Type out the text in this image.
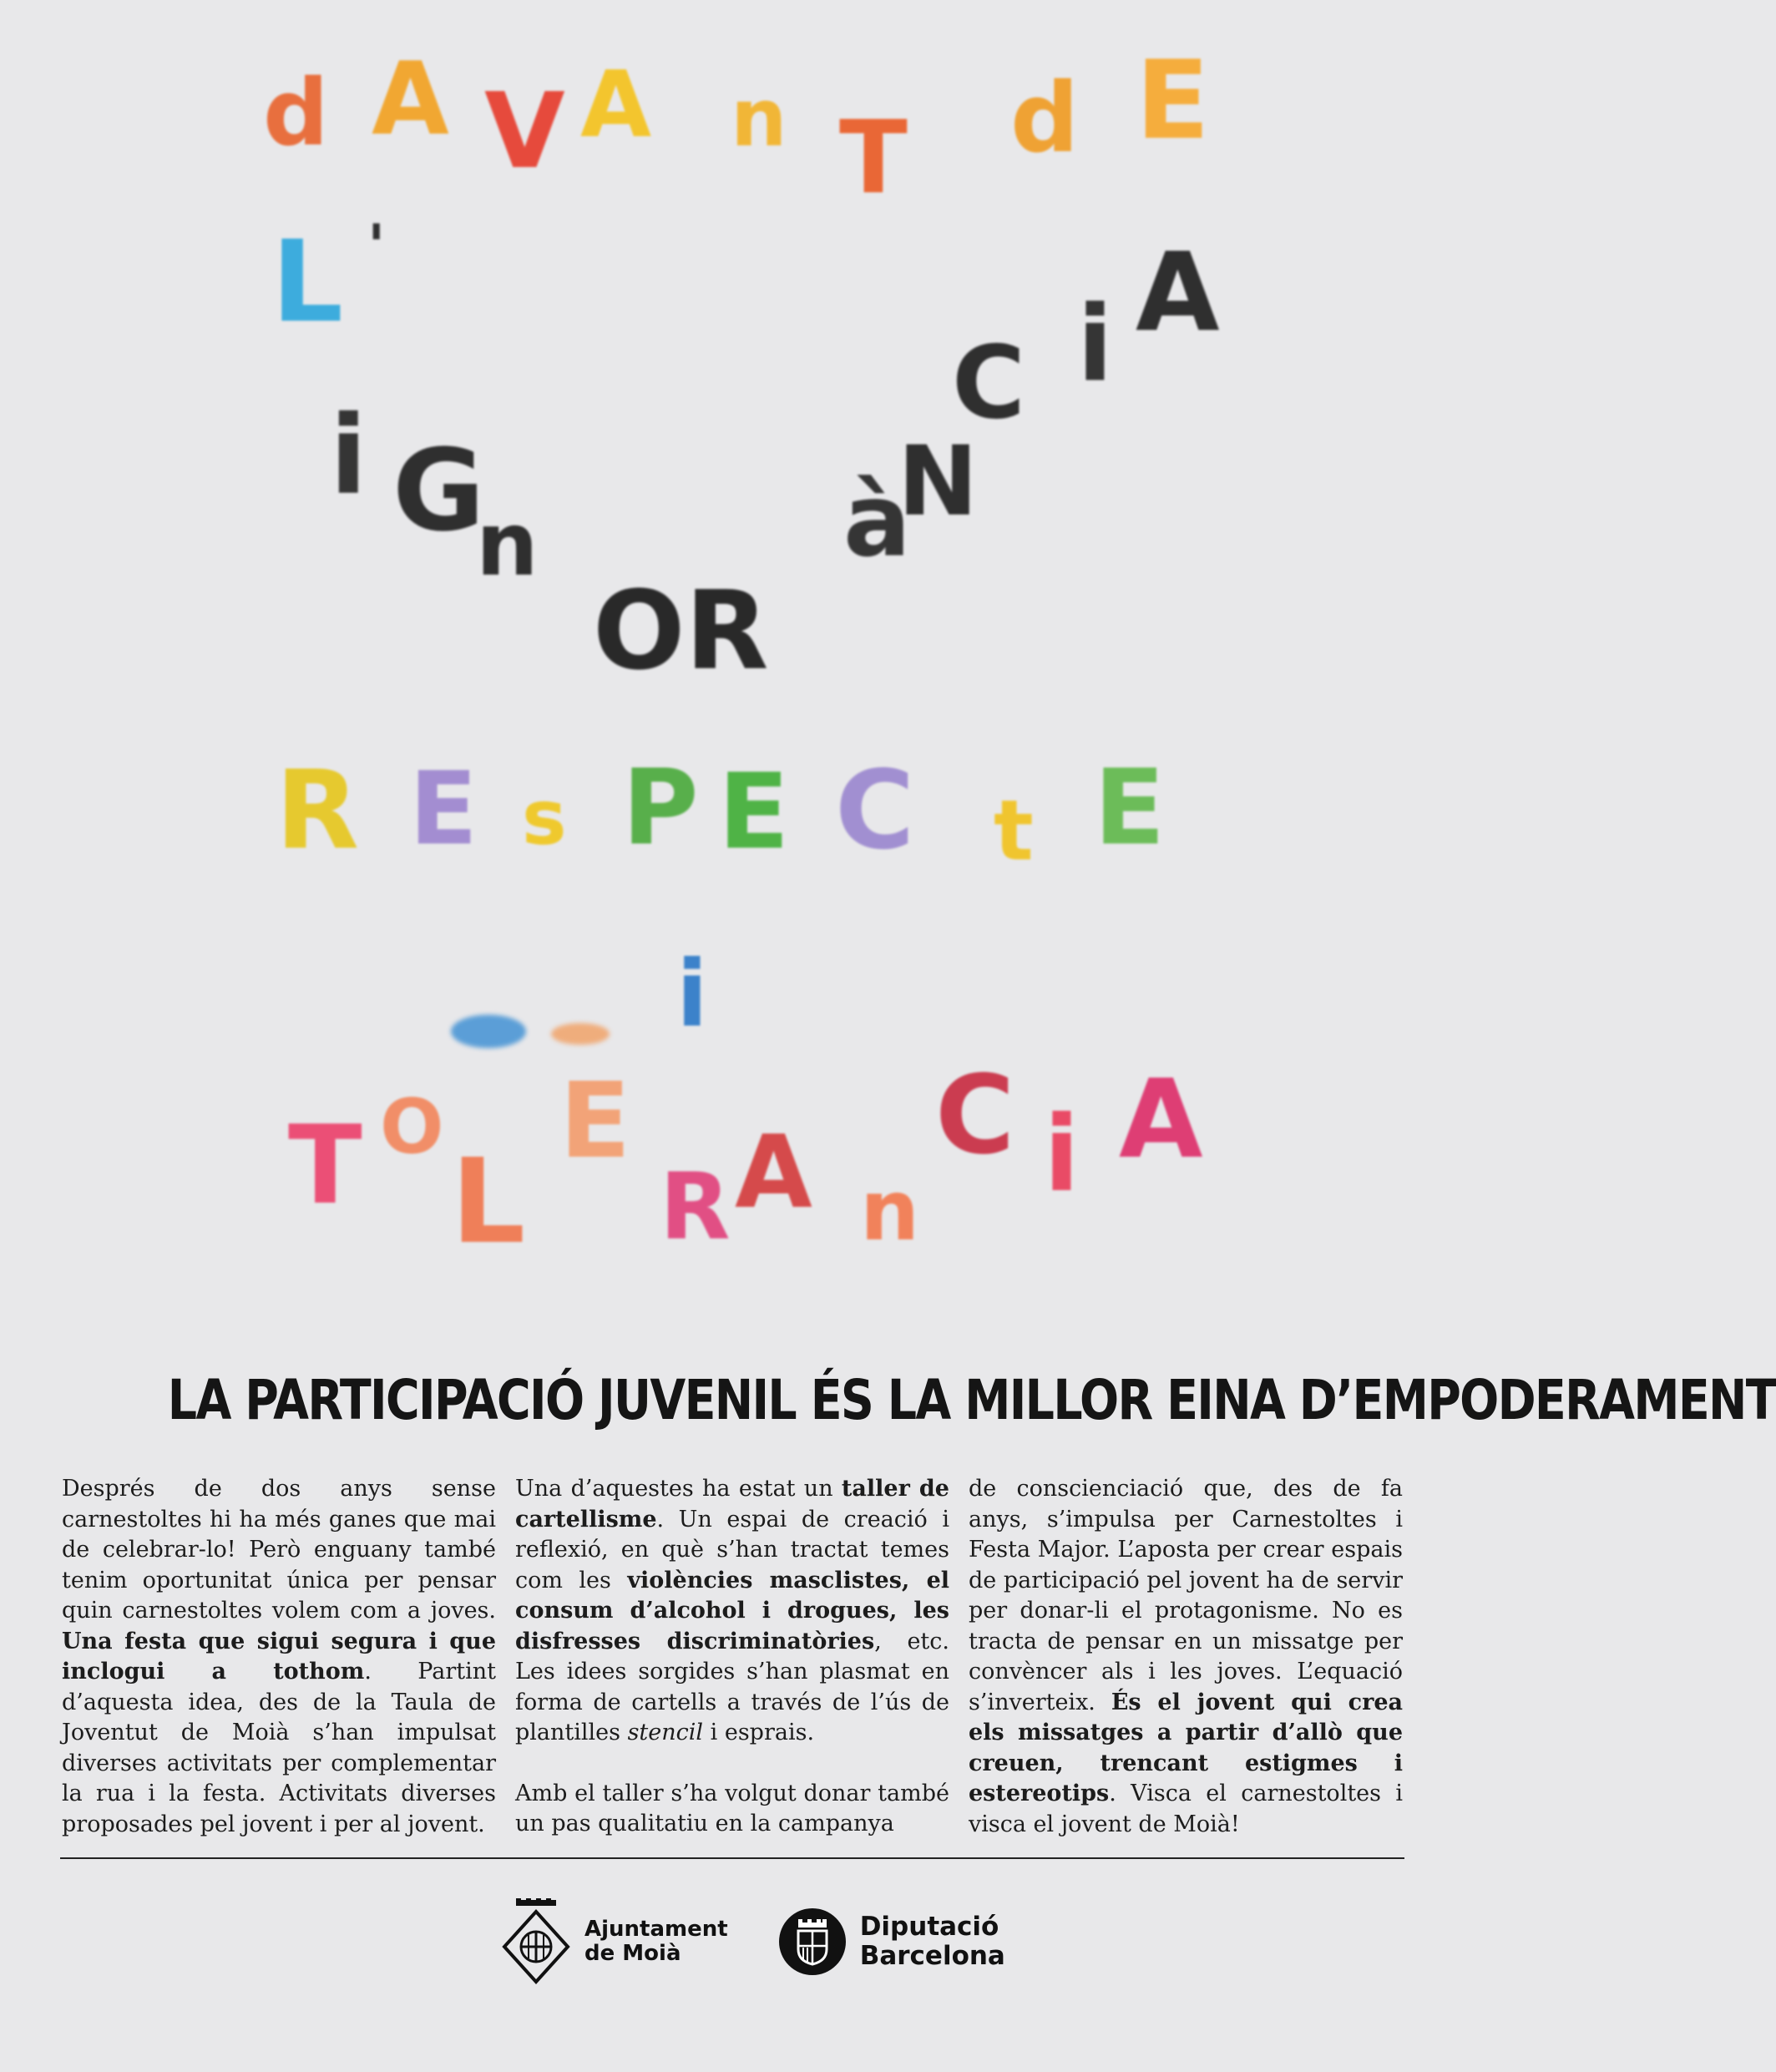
d A V A n T d E
L '
i G
n
OR
à
N
C i A
R E s P E C t E
i
T O
L
E
R A n
C i A
LA PARTICIPACIÓ JUVENIL ÉS LA MILLOR EINA D’EMPODERAMENT

Després de dos anys sense carnestoltes hi ha més ganes que mai de celebrar-lo! Però enguany també tenim oportunitat única per pensar quin carnestoltes volem com a joves. Una festa que sigui segura i que inclogui a tothom. Partint d’aquesta idea, des de la Taula de Joventut de Moià s’han impulsat diverses activitats per complementar la rua i la festa. Activitats diverses proposades pel jovent i per al jovent.

Una d’aquestes ha estat un taller de cartellisme. Un espai de creació i reflexió, en què s’han tractat temes com les violències masclistes, el consum d’alcohol i drogues, les disfresses discriminatòries, etc. Les idees sorgides s’han plasmat en forma de cartells a través de l’ús de plantilles stencil i esprais.

Amb el taller s’ha volgut donar també un pas qualitatiu en la campanya

de conscienciació que, des de fa anys, s’impulsa per Carnestoltes i Festa Major. L’aposta per crear espais de participació pel jovent ha de servir per donar-li el protagonisme. No es tracta de pensar en un missatge per convèncer als i les joves. L’equació s’inverteix. És el jovent qui crea els missatges a partir d’allò que creuen, trencant estigmes i estereotips. Visca el carnestoltes i visca el jovent de Moià!

Ajuntament
de Moià
Diputació
Barcelona
